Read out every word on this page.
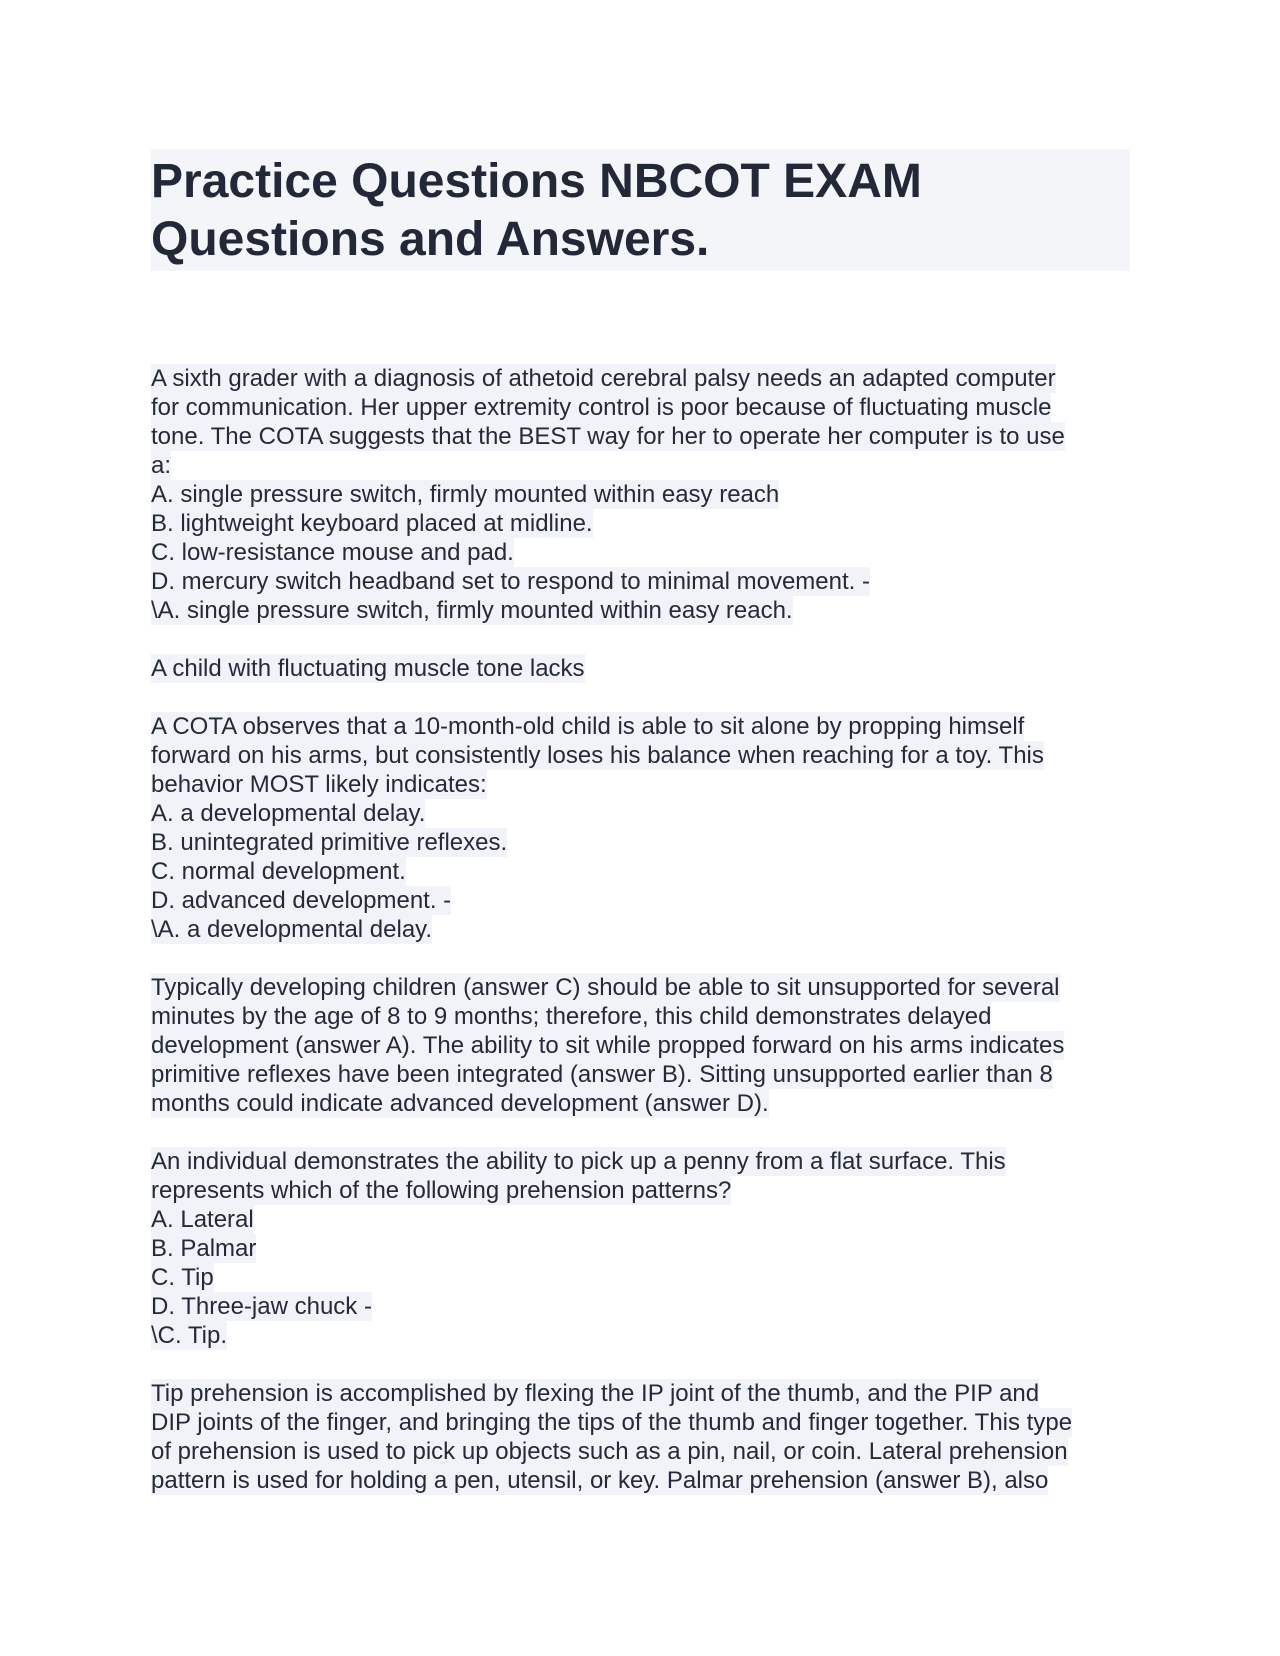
Practice Questions NBCOT EXAM
Questions and Answers.
A sixth grader with a diagnosis of athetoid cerebral palsy needs an adapted computer
for communication. Her upper extremity control is poor because of fluctuating muscle
tone. The COTA suggests that the BEST way for her to operate her computer is to use
a:
A. single pressure switch, firmly mounted within easy reach
B. lightweight keyboard placed at midline.
C. low-resistance mouse and pad.
D. mercury switch headband set to respond to minimal movement. -
\A. single pressure switch, firmly mounted within easy reach.
A child with fluctuating muscle tone lacks
A COTA observes that a 10-month-old child is able to sit alone by propping himself
forward on his arms, but consistently loses his balance when reaching for a toy. This
behavior MOST likely indicates:
A. a developmental delay.
B. unintegrated primitive reflexes.
C. normal development.
D. advanced development. -
\A. a developmental delay.
Typically developing children (answer C) should be able to sit unsupported for several
minutes by the age of 8 to 9 months; therefore, this child demonstrates delayed
development (answer A). The ability to sit while propped forward on his arms indicates
primitive reflexes have been integrated (answer B). Sitting unsupported earlier than 8
months could indicate advanced development (answer D).
An individual demonstrates the ability to pick up a penny from a flat surface. This
represents which of the following prehension patterns?
A. Lateral
B. Palmar
C. Tip
D. Three-jaw chuck -
\C. Tip.
Tip prehension is accomplished by flexing the IP joint of the thumb, and the PIP and
DIP joints of the finger, and bringing the tips of the thumb and finger together. This type
of prehension is used to pick up objects such as a pin, nail, or coin. Lateral prehension
pattern is used for holding a pen, utensil, or key. Palmar prehension (answer B), also
